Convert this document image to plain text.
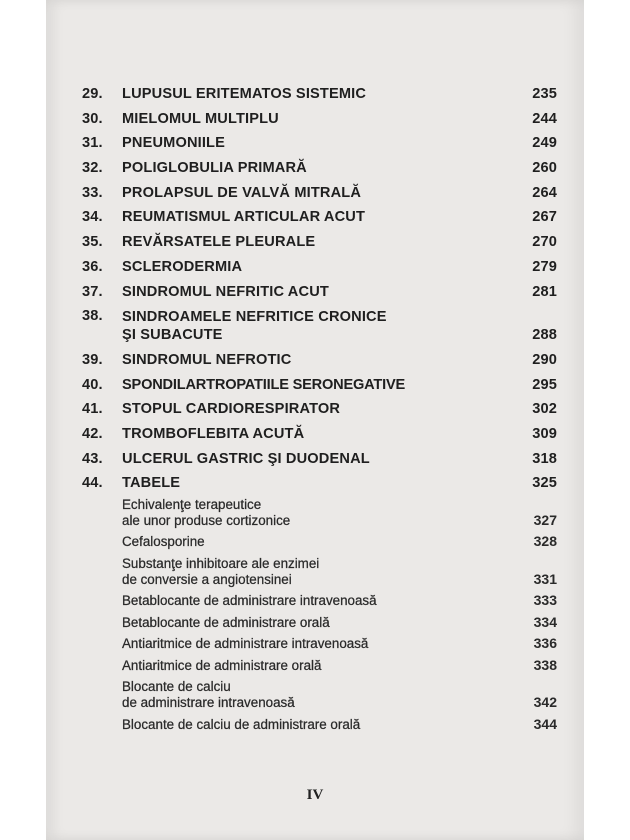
29.	LUPUSUL ERITEMATOS SISTEMIC	235
30.	MIELOMUL MULTIPLU	244
31.	PNEUMONIILE	249
32.	POLIGLOBULIA PRIMARĂ	260
33.	PROLAPSUL DE VALVĂ MITRALĂ	264
34.	REUMATISMUL ARTICULAR ACUT	267
35.	REVĂRSATELE PLEURALE	270
36.	SCLERODERMIA	279
37.	SINDROMUL NEFRITIC ACUT	281
38.	SINDROAMELE NEFRITICE CRONICE
ŞI SUBACUTE	288
39.	SINDROMUL NEFROTIC	290
40.	SPONDILARTROPATIILE SERONEGATIVE	295
41.	STOPUL CARDIORESPIRATOR	302
42.	TROMBOFLEBITA ACUTĂ	309
43.	ULCERUL GASTRIC ŞI DUODENAL	318
44.	TABELE	325
Echivalenţe terapeutice
ale unor produse cortizonice	327
Cefalosporine	328
Substanţe inhibitoare ale enzimei
de conversie a angiotensinei	331
Betablocante de administrare intravenoasă	333
Betablocante de administrare orală	334
Antiaritmice de administrare intravenoasă	336
Antiaritmice de administrare orală	338
Blocante de calciu
de administrare intravenoasă	342
Blocante de calciu de administrare orală	344
IV
